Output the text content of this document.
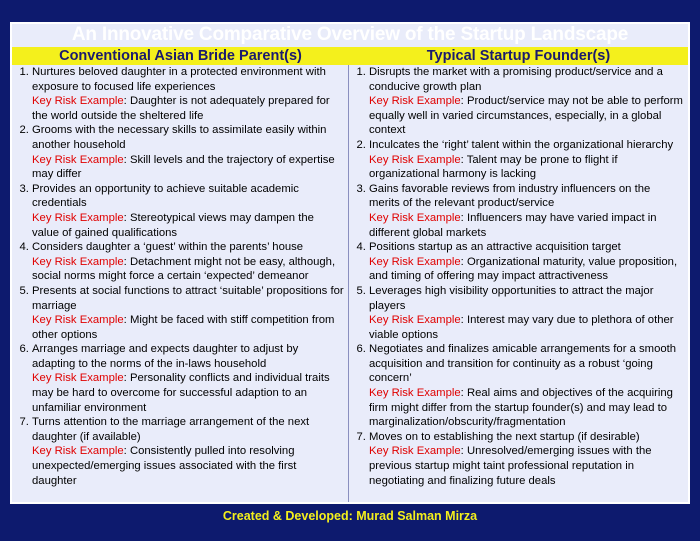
An Innovative Comparative Overview of the Startup Landscape
Conventional Asian Bride Parent(s)	Typical Startup Founder(s)
1. Nurtures beloved daughter in a protected environment with exposure to focused life experiences
Key Risk Example: Daughter is not adequately prepared for the world outside the sheltered life
2. Grooms with the necessary skills to assimilate easily within another household
Key Risk Example: Skill levels and the trajectory of expertise may differ
3. Provides an opportunity to achieve suitable academic credentials
Key Risk Example: Stereotypical views may dampen the value of gained qualifications
4. Considers daughter a ‘guest’ within the parents’ house
Key Risk Example: Detachment might not be easy, although, social norms might force a certain ‘expected’ demeanor
5. Presents at social functions to attract ‘suitable’ propositions for marriage
Key Risk Example: Might be faced with stiff competition from other options
6. Arranges marriage and expects daughter to adjust by adapting to the norms of the in-laws household
Key Risk Example: Personality conflicts and individual traits may be hard to overcome for successful adaption to an unfamiliar environment
7. Turns attention to the marriage arrangement of the next daughter (if available)
Key Risk Example: Consistently pulled into resolving unexpected/emerging issues associated with the first daughter
1. Disrupts the market with a promising product/service and a conducive growth plan
Key Risk Example: Product/service may not be able to perform equally well in varied circumstances, especially, in a global context
2. Inculcates the ‘right’ talent within the organizational hierarchy
Key Risk Example: Talent may be prone to flight if organizational harmony is lacking
3. Gains favorable reviews from industry influencers on the merits of the relevant product/service
Key Risk Example: Influencers may have varied impact in different global markets
4. Positions startup as an attractive acquisition target
Key Risk Example: Organizational maturity, value proposition, and timing of offering may impact attractiveness
5. Leverages high visibility opportunities to attract the major players
Key Risk Example: Interest may vary due to plethora of other viable options
6. Negotiates and finalizes amicable arrangements for a smooth acquisition and transition for continuity as a robust ‘going concern’
Key Risk Example: Real aims and objectives of the acquiring firm might differ from the startup founder(s) and may lead to marginalization/obscurity/fragmentation
7. Moves on to establishing the next startup (if desirable)
Key Risk Example: Unresolved/emerging issues with the previous startup might taint professional reputation in negotiating and finalizing future deals
Created & Developed: Murad Salman Mirza
